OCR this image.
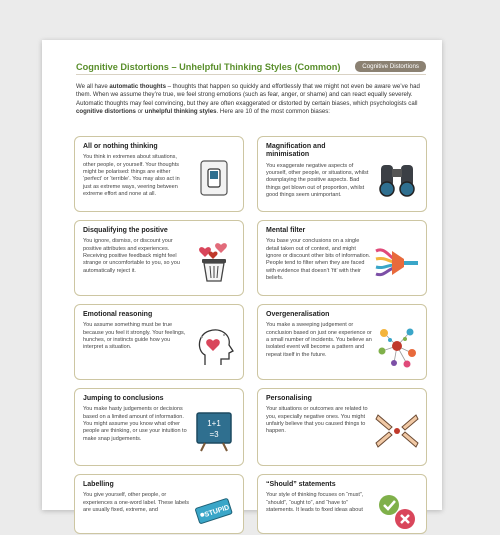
Cognitive Distortions – Unhelpful Thinking Styles (Common)	Cognitive Distortions
We all have automatic thoughts – thoughts that happen so quickly and effortlessly that we might not even be aware we’ve had them. When we assume they’re true, we feel strong emotions (such as fear, anger, or shame) and can react equally severely. Automatic thoughts may feel convincing, but they are often exaggerated or distorted by certain biases, which psychologists call cognitive distortions or unhelpful thinking styles. Here are 10 of the most common biases:
All or nothing thinking

You think in extremes about situations, other people, or yourself. Your thoughts might be polarised: things are either ‘perfect’ or ‘terrible’. You may also act in just as extreme ways, veering between extreme effort and none at all.

Magnification and minimisation

You exaggerate negative aspects of yourself, other people, or situations, whilst downplaying the positive aspects. Bad things get blown out of proportion, whilst good things seem unimportant.

Disqualifying the positive

You ignore, dismiss, or discount your positive attributes and experiences. Receiving positive feedback might feel strange or uncomfortable to you, so you automatically reject it.

Mental filter

You base your conclusions on a single detail taken out of context, and might ignore or discount other bits of information. People tend to filter when they are faced with evidence that doesn’t ‘fit’ with their beliefs.

Emotional reasoning

You assume something must be true because you feel it strongly. Your feelings, hunches, or instincts guide how you interpret a situation.

Overgeneralisation

You make a sweeping judgement or conclusion based on just one experience or a small number of incidents. You believe an isolated event will become a pattern and repeat itself in the future.

Jumping to conclusions

You make hasty judgements or decisions based on a limited amount of information. You might assume you know what other people are thinking, or use your intuition to make snap judgements.

1+1
=3
Personalising

Your situations or outcomes are related to you, especially negative ones. You might unfairly believe that you caused things to happen.

Labelling

You give yourself, other people, or experiences a one-word label. These labels are usually fixed, extreme, and	STUPID
“Should” statements

Your style of thinking focuses on “must”, “should”, “ought to”, and “have to” statements. It leads to fixed ideas about
